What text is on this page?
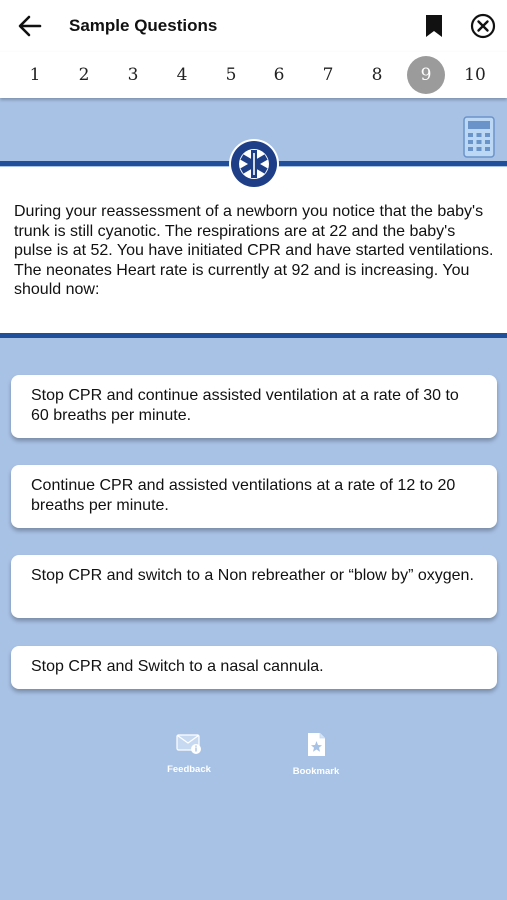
Sample Questions
1	2	3	4	5	6	7	8	9	10
During your reassessment of a newborn you notice that the baby's trunk is still cyanotic. The respirations are at 22 and the baby's pulse is at 52. You have initiated CPR and have started ventilations. The neonates Heart rate is currently at 92 and is increasing. You should now:
Stop CPR and continue assisted ventilation at a rate of 30 to 60 breaths per minute.
Continue CPR and assisted ventilations at a rate of 12 to 20 breaths per minute.
Stop CPR and switch to a Non rebreather or “blow by” oxygen.
Stop CPR and Switch to a nasal cannula.
Feedback	Bookmark
